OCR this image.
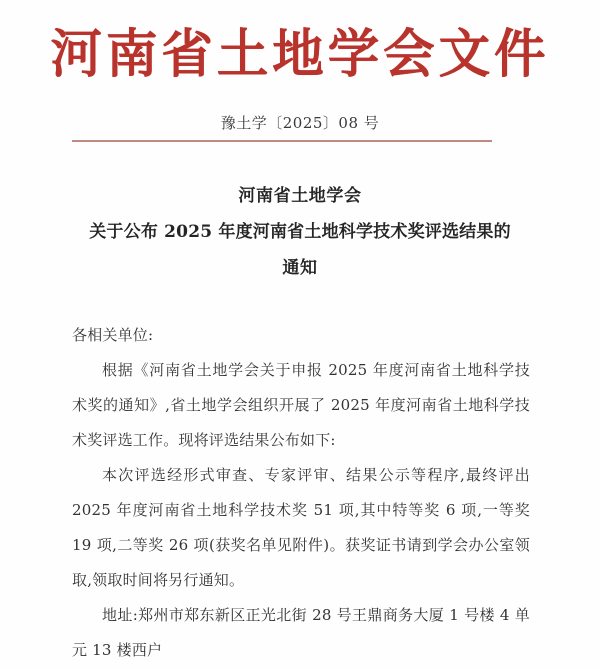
河南省土地学会文件
豫土学〔2025〕08 号
河南省土地学会
关于公布 2025 年度河南省土地科学技术奖评选结果的
通知

各相关单位:

根据《河南省土地学会关于申报 2025 年度河南省土地科学技术奖的通知》,省土地学会组织开展了 2025 年度河南省土地科学技术奖评选工作。现将评选结果公布如下:

本次评选经形式审查、专家评审、结果公示等程序,最终评出 2025 年度河南省土地科学技术奖 51 项,其中特等奖 6 项,一等奖 19 项,二等奖 26 项(获奖名单见附件)。获奖证书请到学会办公室领取,领取时间将另行通知。

地址:郑州市郑东新区正光北街 28 号王鼎商务大厦 1 号楼 4 单元 13 楼西户
